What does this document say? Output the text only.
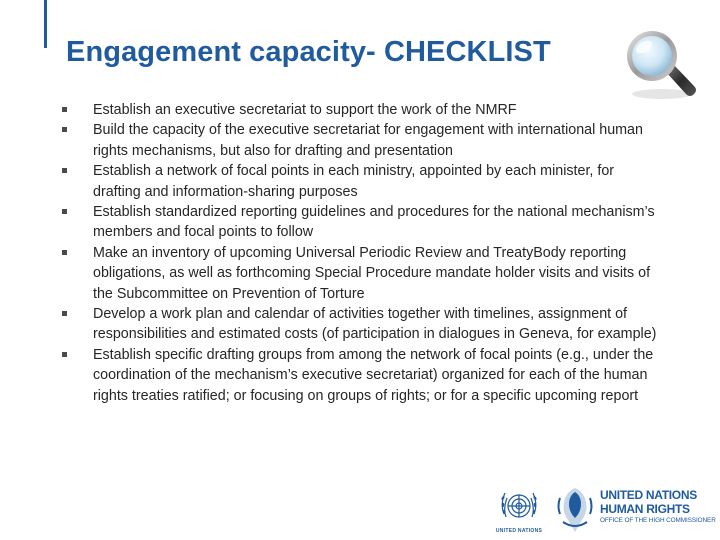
Engagement capacity- CHECKLIST
Establish an executive secretariat to support the work of the NMRF
Build the capacity of the executive secretariat for engagement with international human rights mechanisms, but also for drafting and presentation
Establish a network of focal points in each ministry, appointed by each minister, for drafting and information-sharing purposes
Establish standardized reporting guidelines and procedures for the national mechanism’s members and focal points to follow
Make an inventory of upcoming Universal Periodic Review and TreatyBody reporting obligations, as well as forthcoming Special Procedure mandate holder visits and visits of the Subcommittee on Prevention of Torture
Develop a work plan and calendar of activities together with timelines, assignment of responsibilities and estimated costs (of participation in dialogues in Geneva, for example)
Establish specific drafting groups from among the network of focal points (e.g., under the coordination of the mechanism’s executive secretariat) organized for each of the human rights treaties ratified; or focusing on groups of rights; or for a specific upcoming report
UNITED NATIONS
UNITED NATIONS
HUMAN RIGHTS
OFFICE OF THE HIGH COMMISSIONER
